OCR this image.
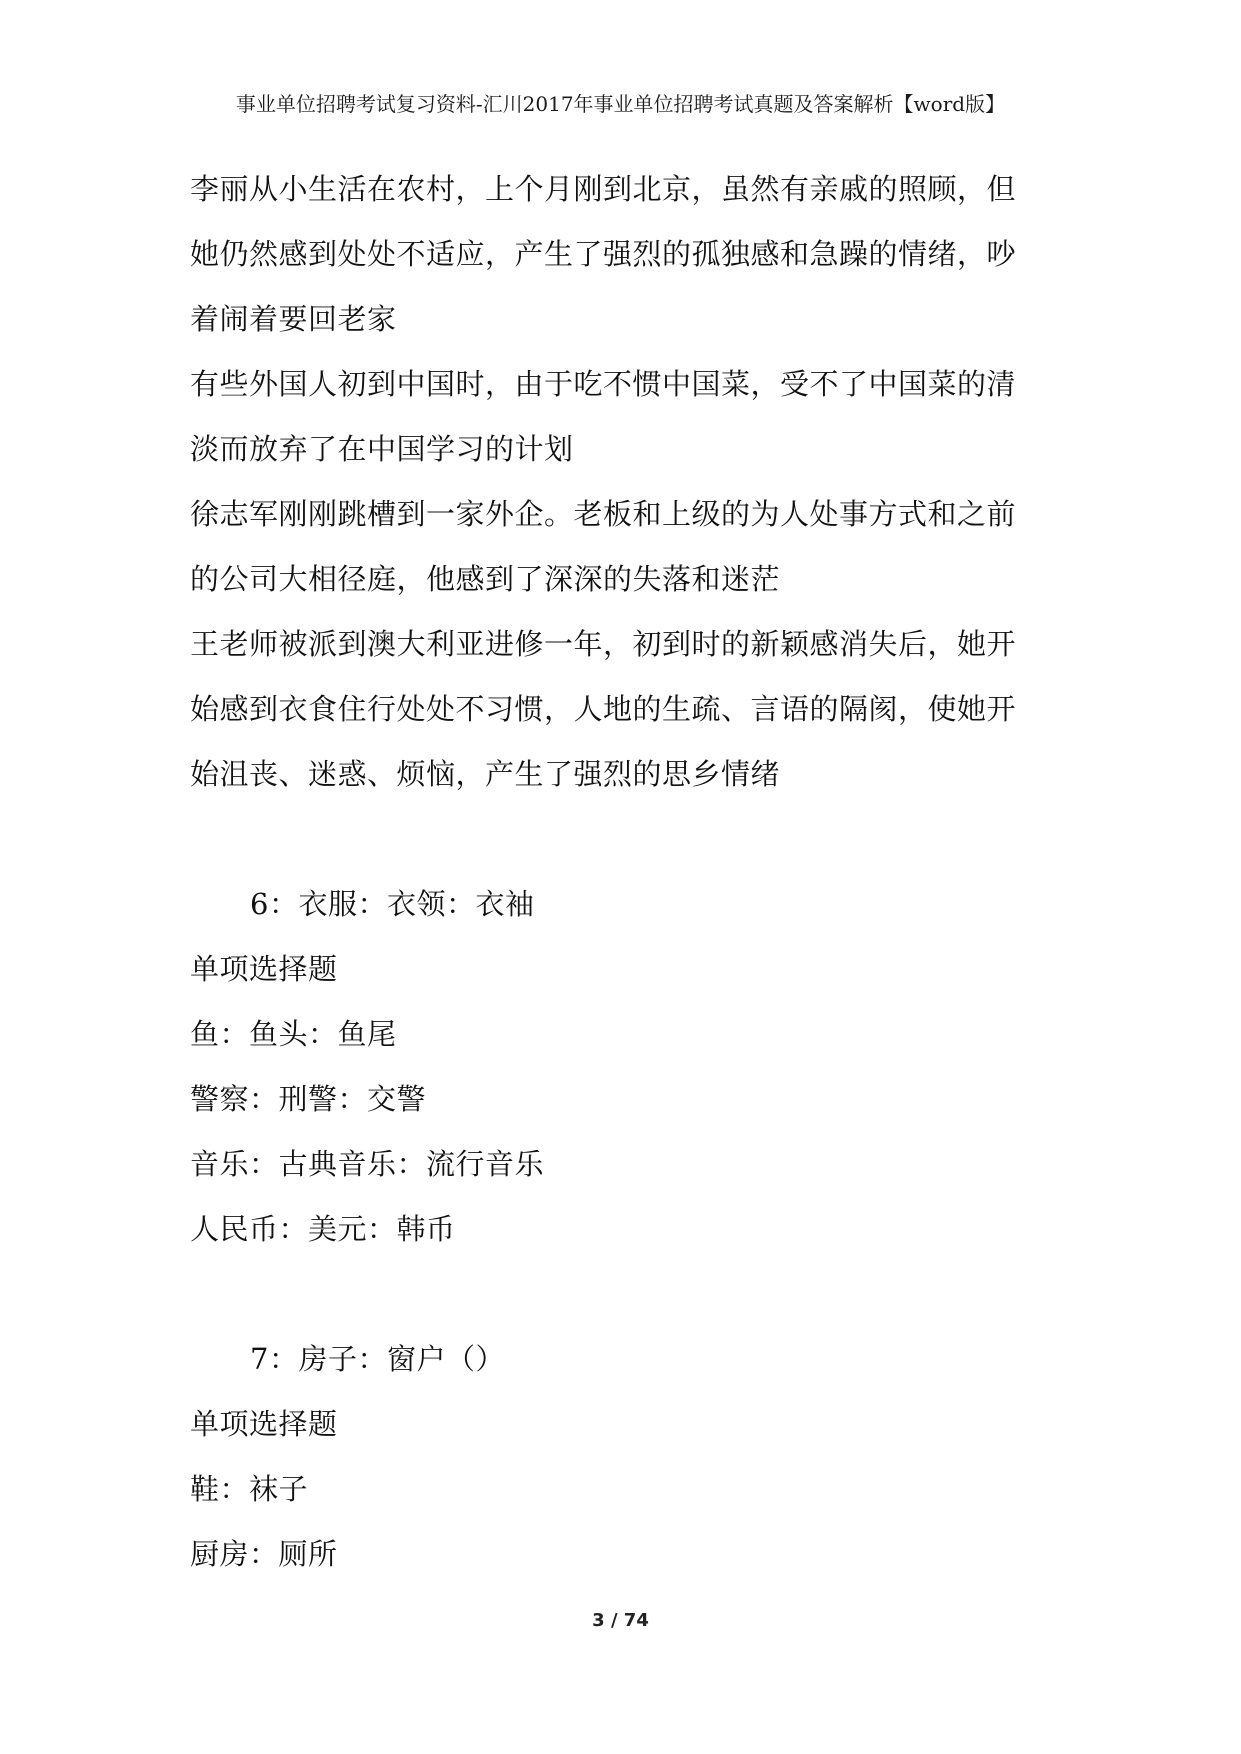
事业单位招聘考试复习资料-汇川2017年事业单位招聘考试真题及答案解析【word版】
李丽从小生活在农村，上个月刚到北京，虽然有亲戚的照顾，但
她仍然感到处处不适应，产生了强烈的孤独感和急躁的情绪，吵
着闹着要回老家
有些外国人初到中国时，由于吃不惯中国菜，受不了中国菜的清
淡而放弃了在中国学习的计划
徐志军刚刚跳槽到一家外企。老板和上级的为人处事方式和之前
的公司大相径庭，他感到了深深的失落和迷茫
王老师被派到澳大利亚进修一年，初到时的新颖感消失后，她开
始感到衣食住行处处不习惯，人地的生疏、言语的隔阂，使她开
始沮丧、迷惑、烦恼，产生了强烈的思乡情绪
6：衣服：衣领：衣袖
单项选择题
鱼：鱼头：鱼尾
警察：刑警：交警
音乐：古典音乐：流行音乐
人民币：美元：韩币
7：房子：窗户（）
单项选择题
鞋：袜子
厨房：厕所
3 / 74
